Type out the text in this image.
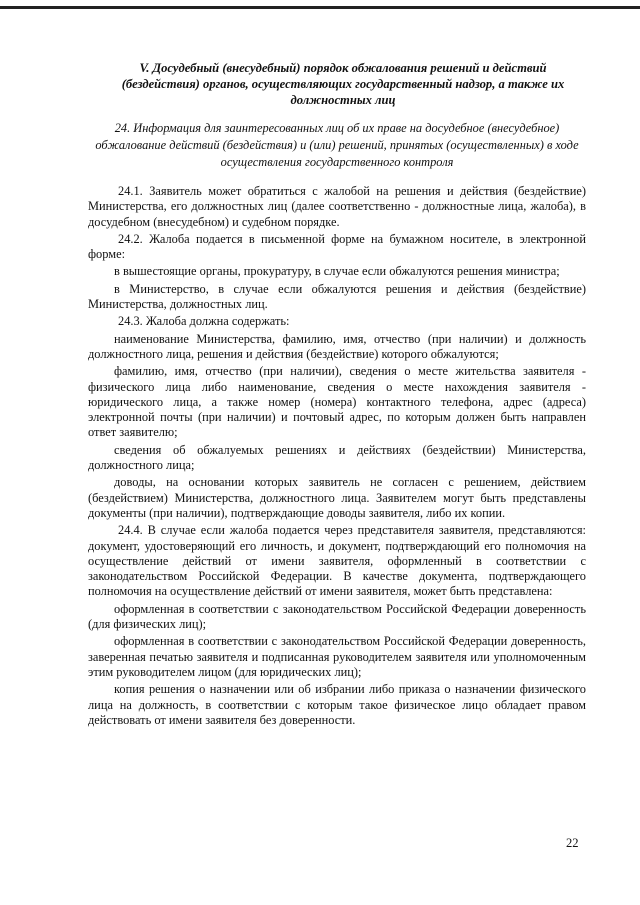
V. Досудебный (внесудебный) порядок обжалования решений и действий (бездействия) органов, осуществляющих государственный надзор, а также их должностных лиц
24. Информация для заинтересованных лиц об их праве на досудебное (внесудебное) обжалование действий (бездействия) и (или) решений, принятых (осуществленных) в ходе осуществления государственного контроля

24.1. Заявитель может обратиться с жалобой на решения и действия (бездействие) Министерства, его должностных лиц (далее соответственно - должностные лица, жалоба), в досудебном (внесудебном) и судебном порядке.

24.2. Жалоба подается в письменной форме на бумажном носителе, в электронной форме:

в вышестоящие органы, прокуратуру, в случае если обжалуются решения министра;

в Министерство, в случае если обжалуются решения и действия (бездействие) Министерства, должностных лиц.

24.3. Жалоба должна содержать:

наименование Министерства, фамилию, имя, отчество (при наличии) и должность должностного лица, решения и действия (бездействие) которого обжалуются;

фамилию, имя, отчество (при наличии), сведения о месте жительства заявителя - физического лица либо наименование, сведения о месте нахождения заявителя - юридического лица, а также номер (номера) контактного телефона, адрес (адреса) электронной почты (при наличии) и почтовый адрес, по которым должен быть направлен ответ заявителю;

сведения об обжалуемых решениях и действиях (бездействии) Министерства, должностного лица;

доводы, на основании которых заявитель не согласен с решением, действием (бездействием) Министерства, должностного лица. Заявителем могут быть представлены документы (при наличии), подтверждающие доводы заявителя, либо их копии.

24.4. В случае если жалоба подается через представителя заявителя, представляются: документ, удостоверяющий его личность, и документ, подтверждающий его полномочия на осуществление действий от имени заявителя, оформленный в соответствии с законодательством Российской Федерации. В качестве документа, подтверждающего полномочия на осуществление действий от имени заявителя, может быть представлена:

оформленная в соответствии с законодательством Российской Федерации доверенность (для физических лиц);

оформленная в соответствии с законодательством Российской Федерации доверенность, заверенная печатью заявителя и подписанная руководителем заявителя или уполномоченным этим руководителем лицом (для юридических лиц);

копия решения о назначении или об избрании либо приказа о назначении физического лица на должность, в соответствии с которым такое физическое лицо обладает правом действовать от имени заявителя без доверенности.

22
